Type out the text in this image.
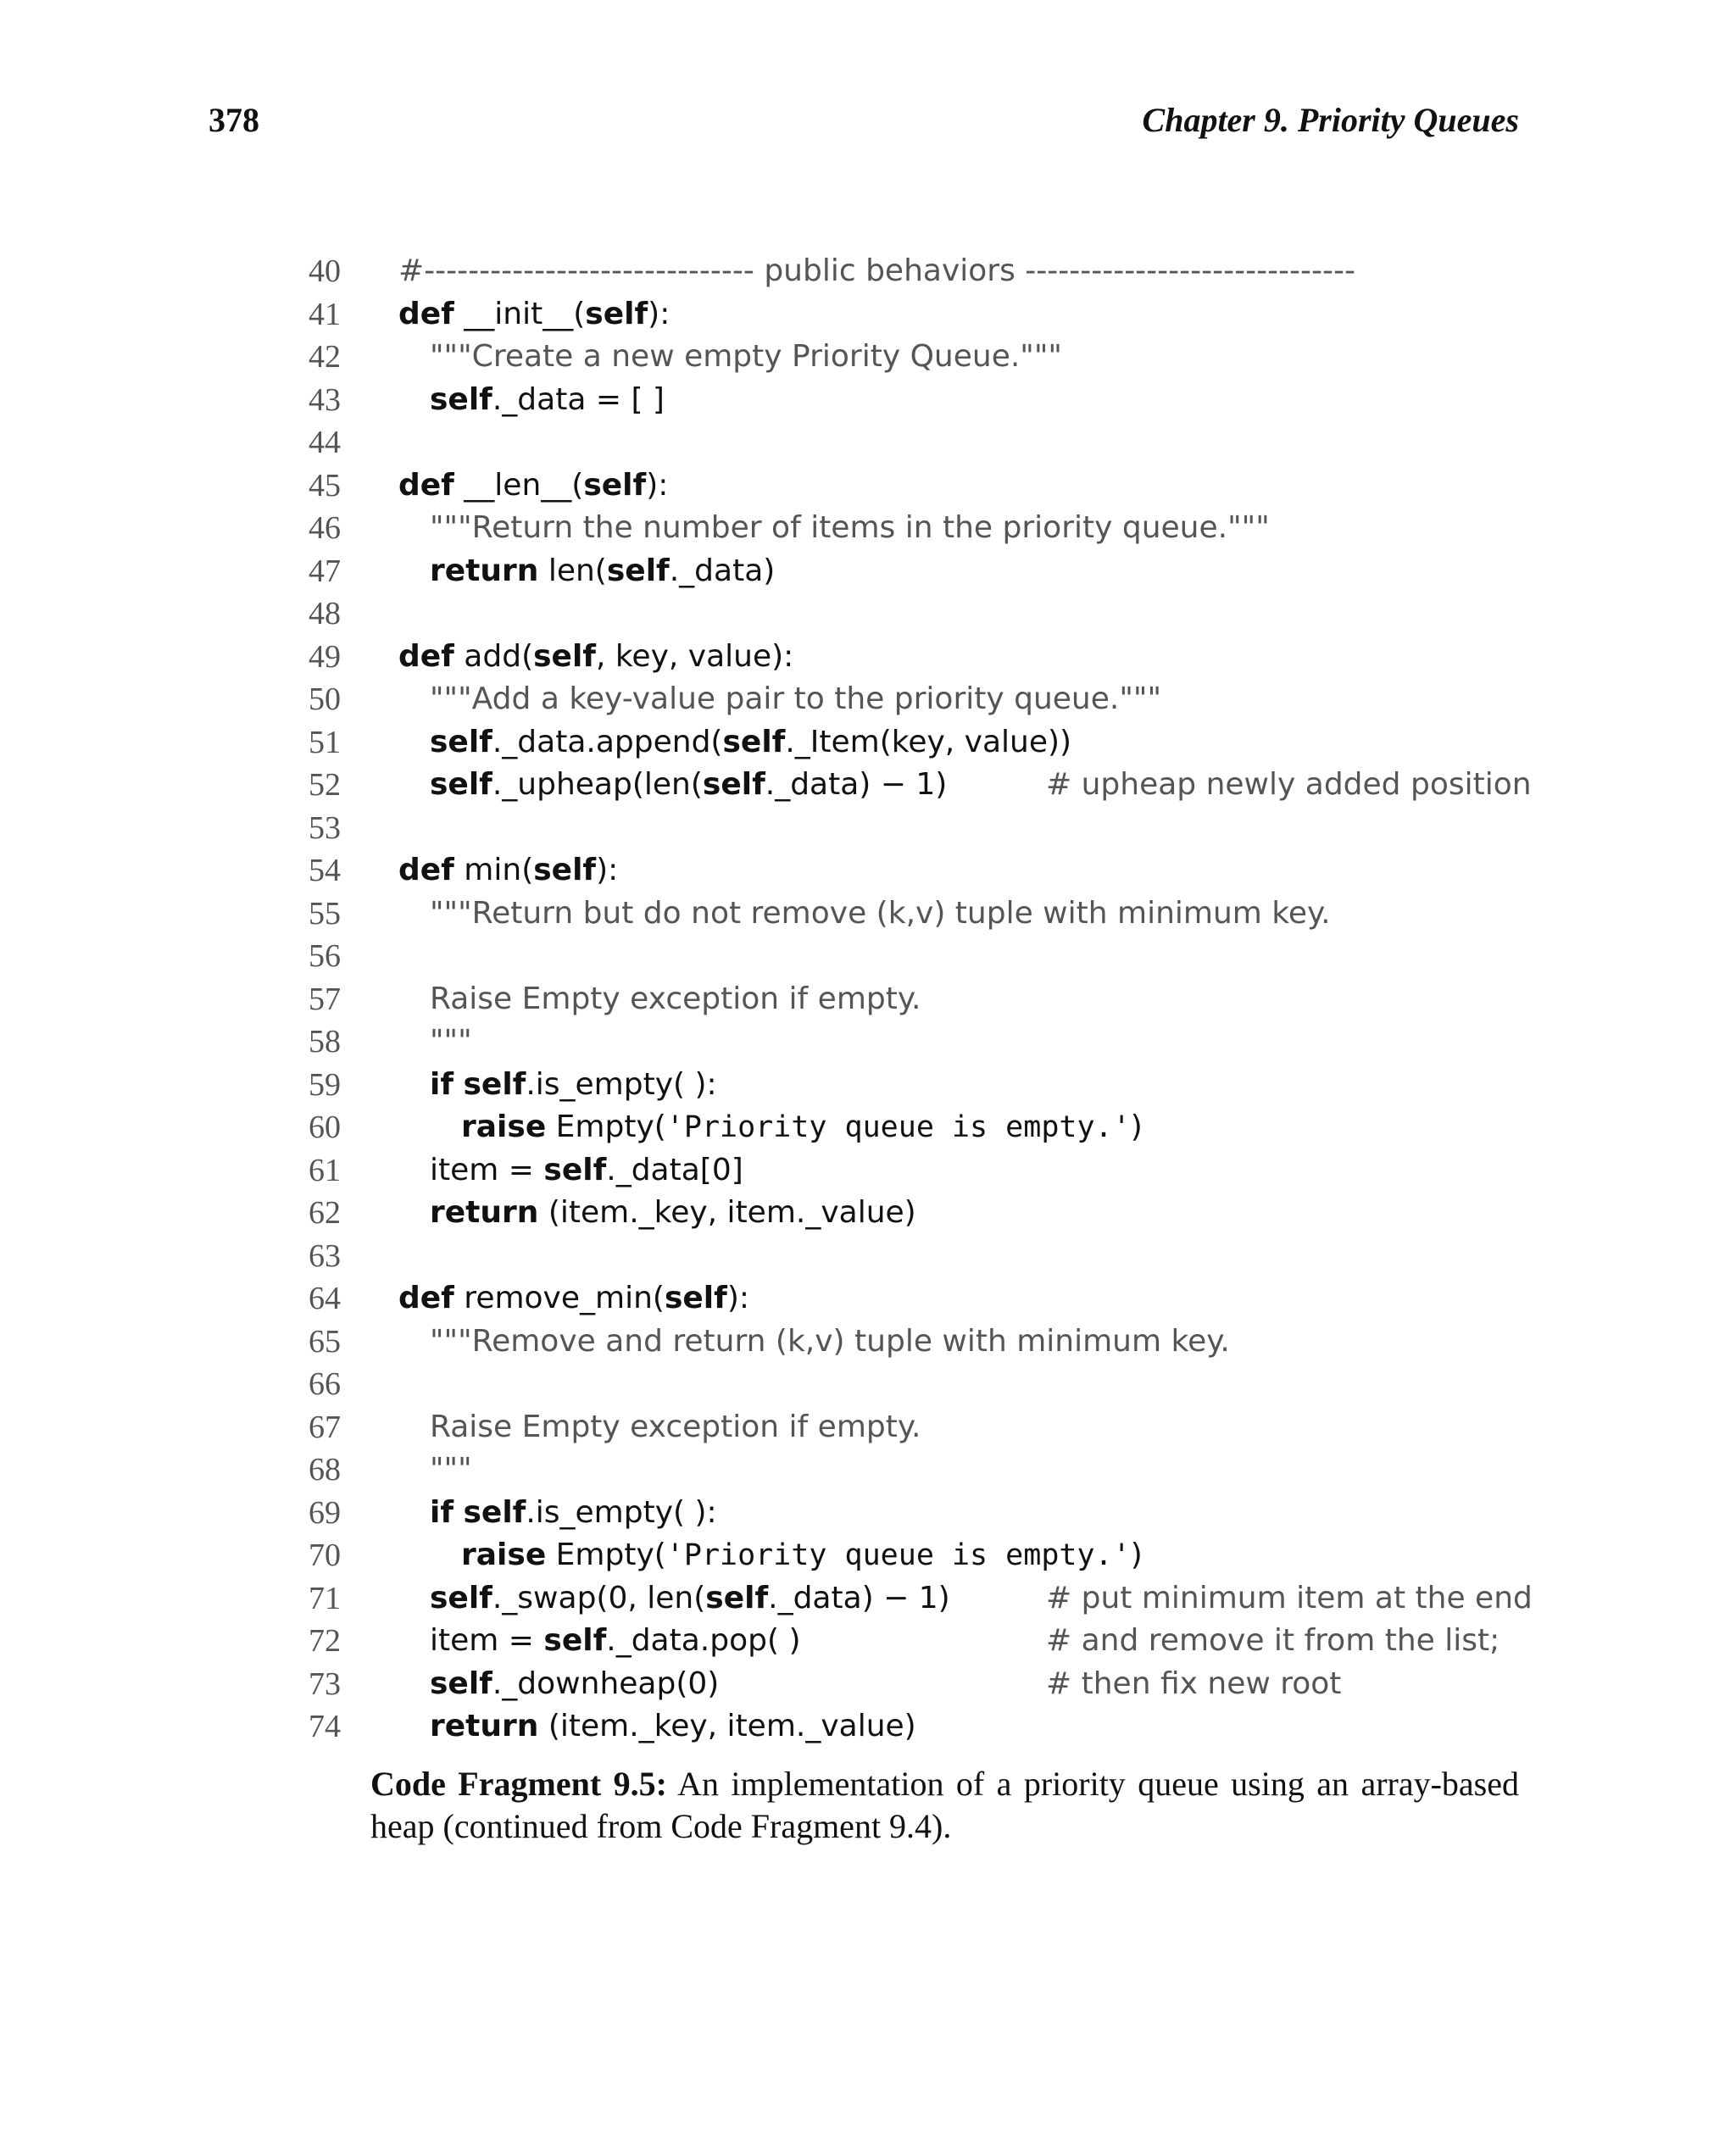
378	Chapter 9. Priority Queues
40 #------------------------------ public behaviors ------------------------------
41 def __init__(self):
42	"""Create a new empty Priority Queue."""
43	self._data = [ ]
44
45 def __len__(self):
46	"""Return the number of items in the priority queue."""
47	return len(self._data)
48
49 def add(self, key, value):
50	"""Add a key-value pair to the priority queue."""
51	self._data.append(self._Item(key, value))
52	self._upheap(len(self._data) − 1)	# upheap newly added position
53
54 def min(self):
55	"""Return but do not remove (k,v) tuple with minimum key.
56
57	Raise Empty exception if empty.
58	"""
59	if self.is_empty( ):
60	raise Empty('Priority queue is empty.')
61	item = self._data[0]
62	return (item._key, item._value)
63
64 def remove_min(self):
65	"""Remove and return (k,v) tuple with minimum key.
66
67	Raise Empty exception if empty.
68	"""
69	if self.is_empty( ):
70	raise Empty('Priority queue is empty.')
71	self._swap(0, len(self._data) − 1)	# put minimum item at the end
72	item = self._data.pop( )	# and remove it from the list;
73	self._downheap(0)	# then fix new root
74	return (item._key, item._value)
Code Fragment 9.5: An implementation of a priority queue using an array-based heap (continued from Code Fragment 9.4).
